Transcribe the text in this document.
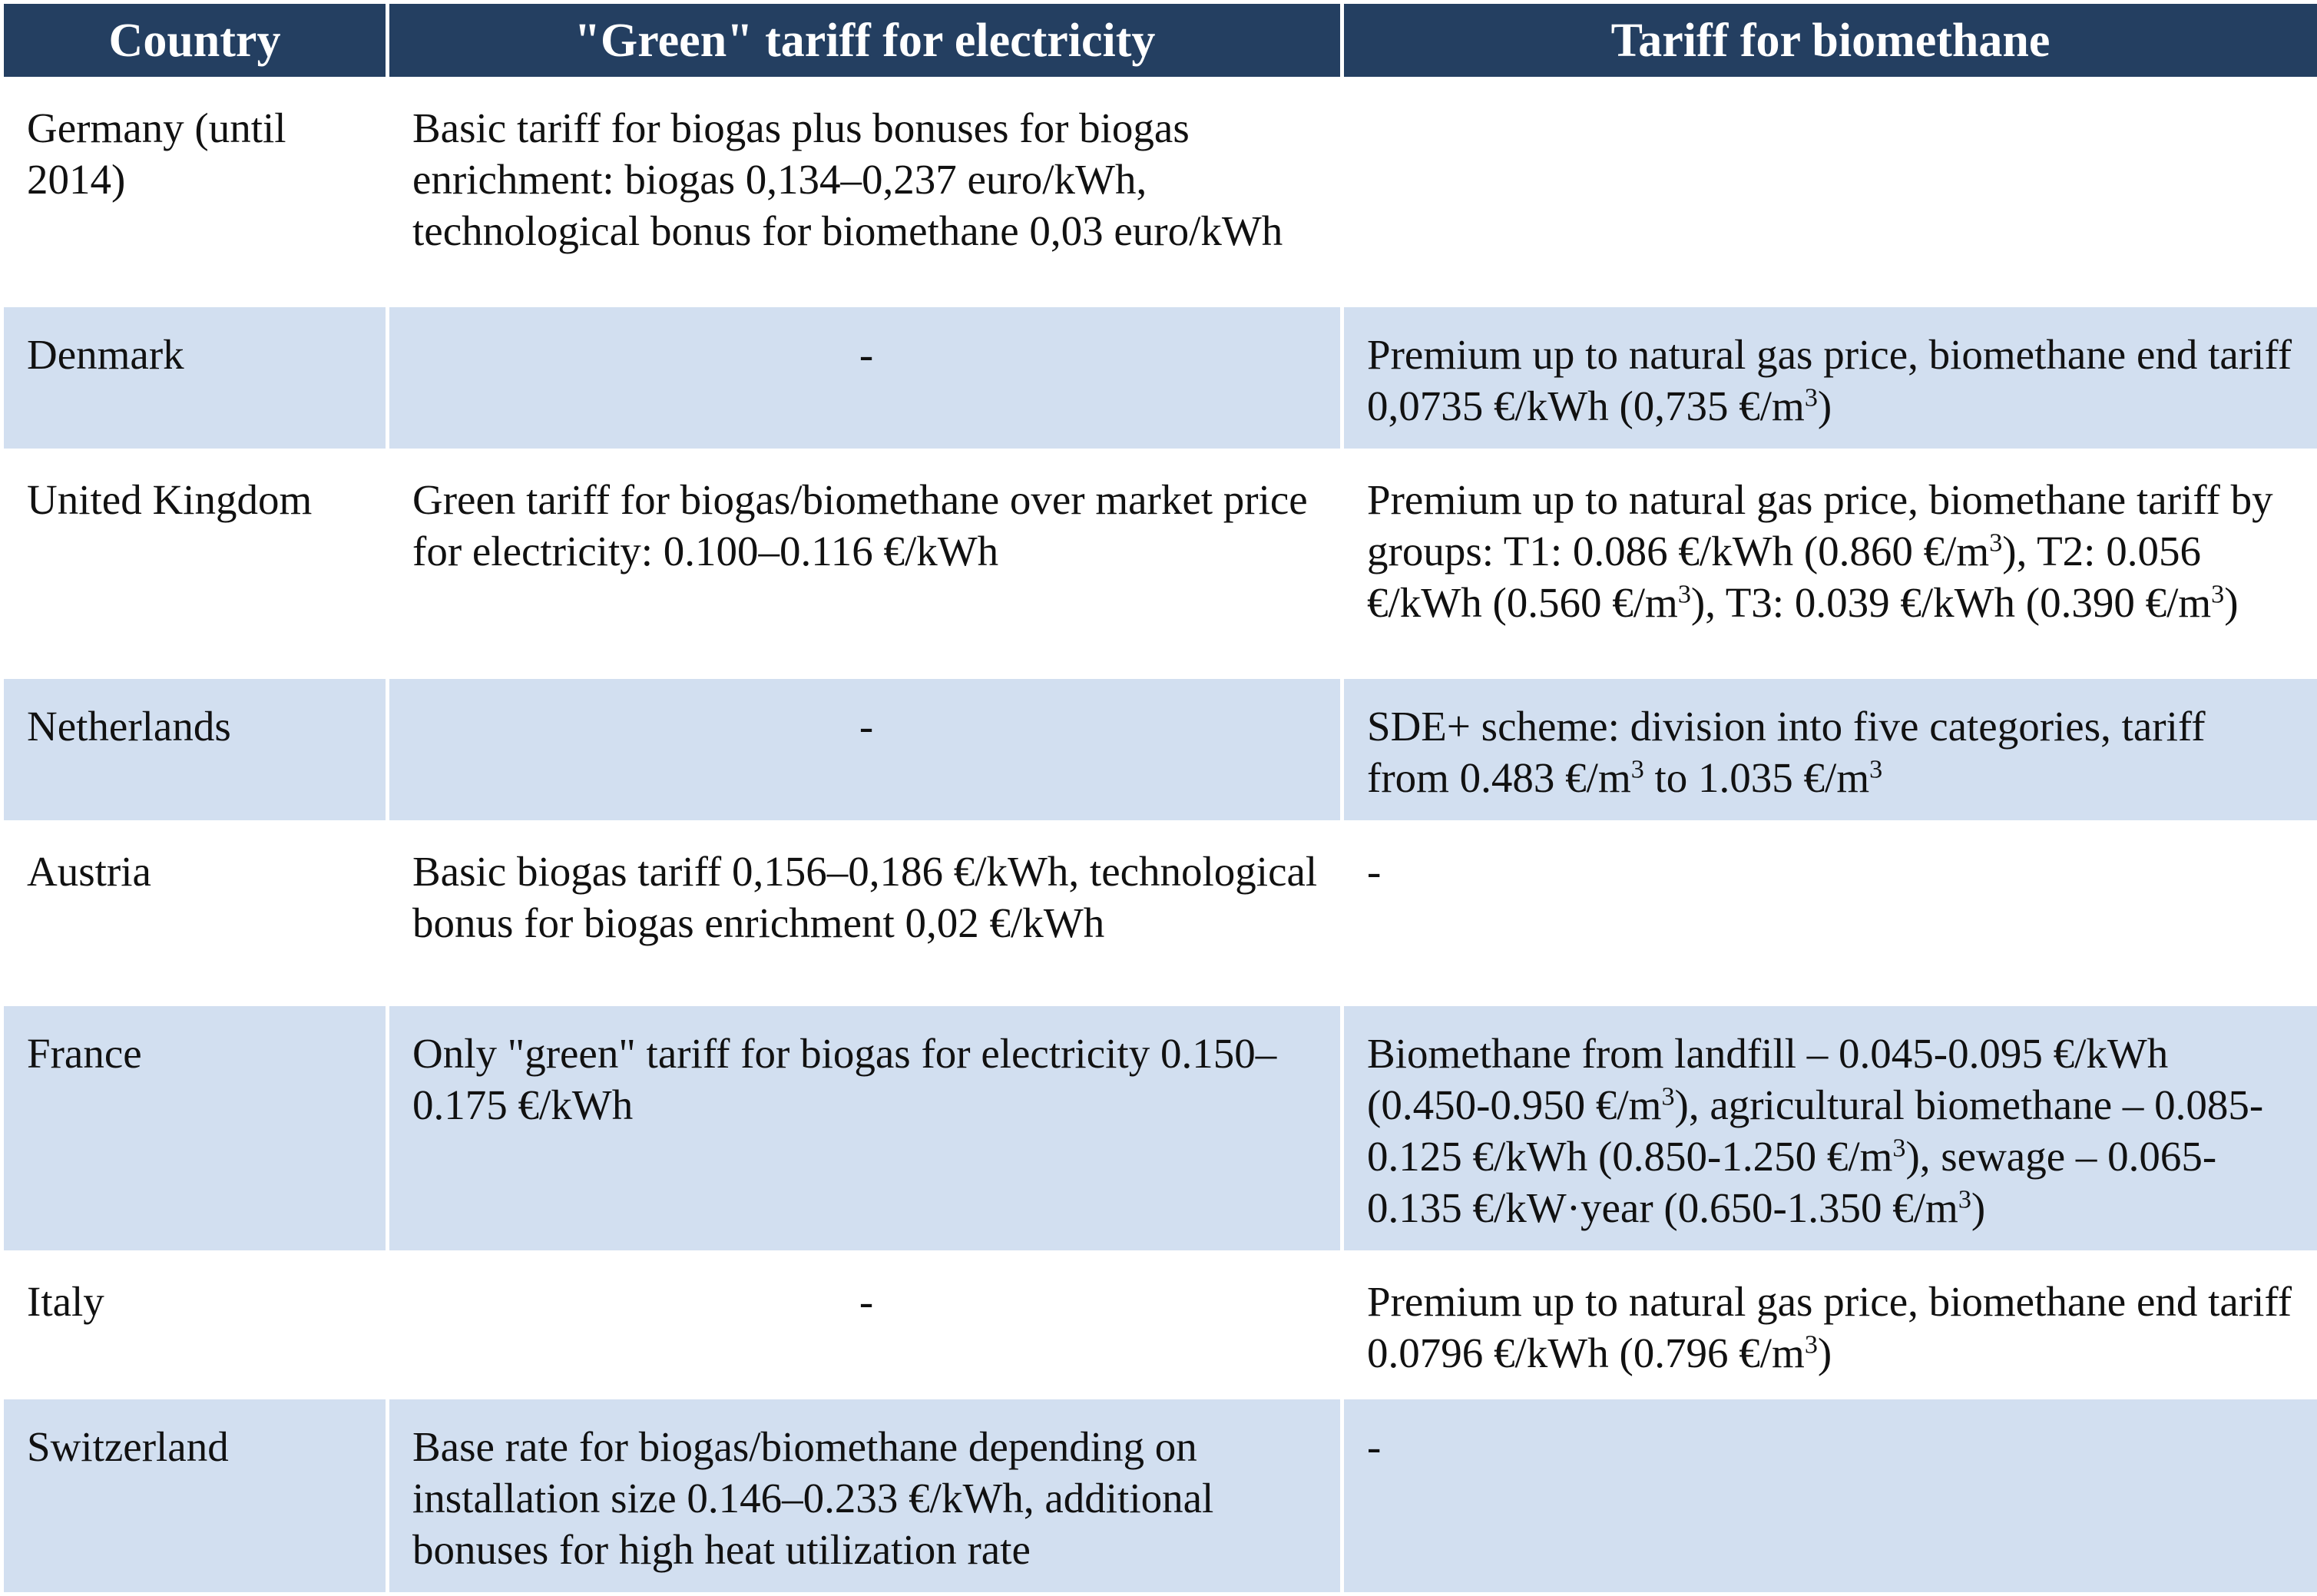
Country	"Green" tariff for electricity	Tariff for biomethane
Germany (until 2014)	Basic tariff for biogas plus bonuses for biogas enrichment: biogas 0,134–0,237 euro/kWh, technological bonus for biomethane 0,03 euro/kWh	
Denmark	-	Premium up to natural gas price, biomethane end tariff 0,0735 €/kWh (0,735 $€/m^3$)
United Kingdom	Green tariff for biogas/biomethane over market price for electricity: 0.100–0.116 €/kWh	Premium up to natural gas price, biomethane tariff by groups: T1: 0.086 €/kWh (0.860 $€/m^3$), T2: 0.056 €/kWh (0.560 $€/m^3$), T3: 0.039 €/kWh (0.390 $€/m^3$)
Netherlands	-	SDE+ scheme: division into five categories, tariff from 0.483 $€/m^3$ to 1.035 $€/m^3$
Austria	Basic biogas tariff 0,156–0,186 €/kWh, technological bonus for biogas enrichment 0,02 €/kWh	-
France	Only "green" tariff for biogas for electricity 0.150–0.175 €/kWh	Biomethane from landfill – 0.045-0.095 €/kWh (0.450-0.950 $€/m^3$), agricultural biomethane – 0.085-0.125 €/kWh (0.850-1.250 $€/m^3$), sewage – 0.065-0.135 €/kW·year (0.650-1.350 $€/m^3$)
Italy	-	Premium up to natural gas price, biomethane end tariff 0.0796 €/kWh (0.796 $€/m^3$)
Switzerland	Base rate for biogas/biomethane depending on installation size 0.146–0.233 €/kWh, additional bonuses for high heat utilization rate	-
